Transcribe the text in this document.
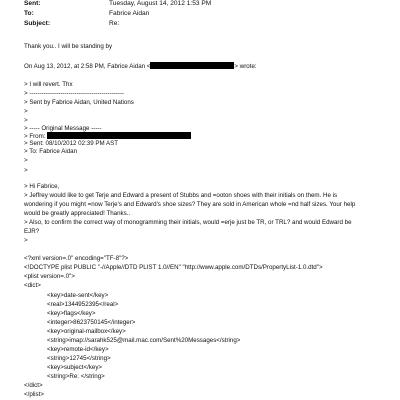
Sent:	Tuesday, August 14, 2012 1:53 PM
To:	Fabrice Aidan
Subject:	Re:
Thank you.. I will be standing by
On Aug 13, 2012, at 2:58 PM, Fabrice Aidan <	> wrote:
> I will revert. Thx
> ----------------------------------------------
> Sent by Fabrice Aidan, United Nations
>
>
> ----- Original Message -----
> From:
> Sent: 08/10/2012 02:39 PM AST
> To: Fabrice Aidan
>
>
> Hi Fabrice,
> Jeffrey would like to get Terje and Edward a present of Stubbs and =ooton shoes with their initials on them. He is
wondering if you might =now Terje's and Edward's shoe sizes? They are sold in American whole =nd half sizes. Your help
would be greatly appreciated! Thanks..
> Also, to confirm the correct way of monogramming their initials, would =erje just be TR, or TRL? and would Edward be
EJR?
>
<?xml version=.0" encoding="TF-8"?>
<!DOCTYPE plist PUBLIC "-//Apple//DTD PLIST 1.0//EN" "http://www.apple.com/DTDs/PropertyList-1.0.dtd">
<plist version=.0">
<dict>
<key>date-sent</key>
<real>1344952395</real>
<key>flags</key>
<integer>8623750145</integer>
<key>original-mailbox</key>
<string>imap://sarahk525@mail.mac.com/Sent%20Messages</string>
<key>remote-id</key>
<string>12745</string>
<key>subject</key>
<string>Re: </string>
</dict>
</plist>
